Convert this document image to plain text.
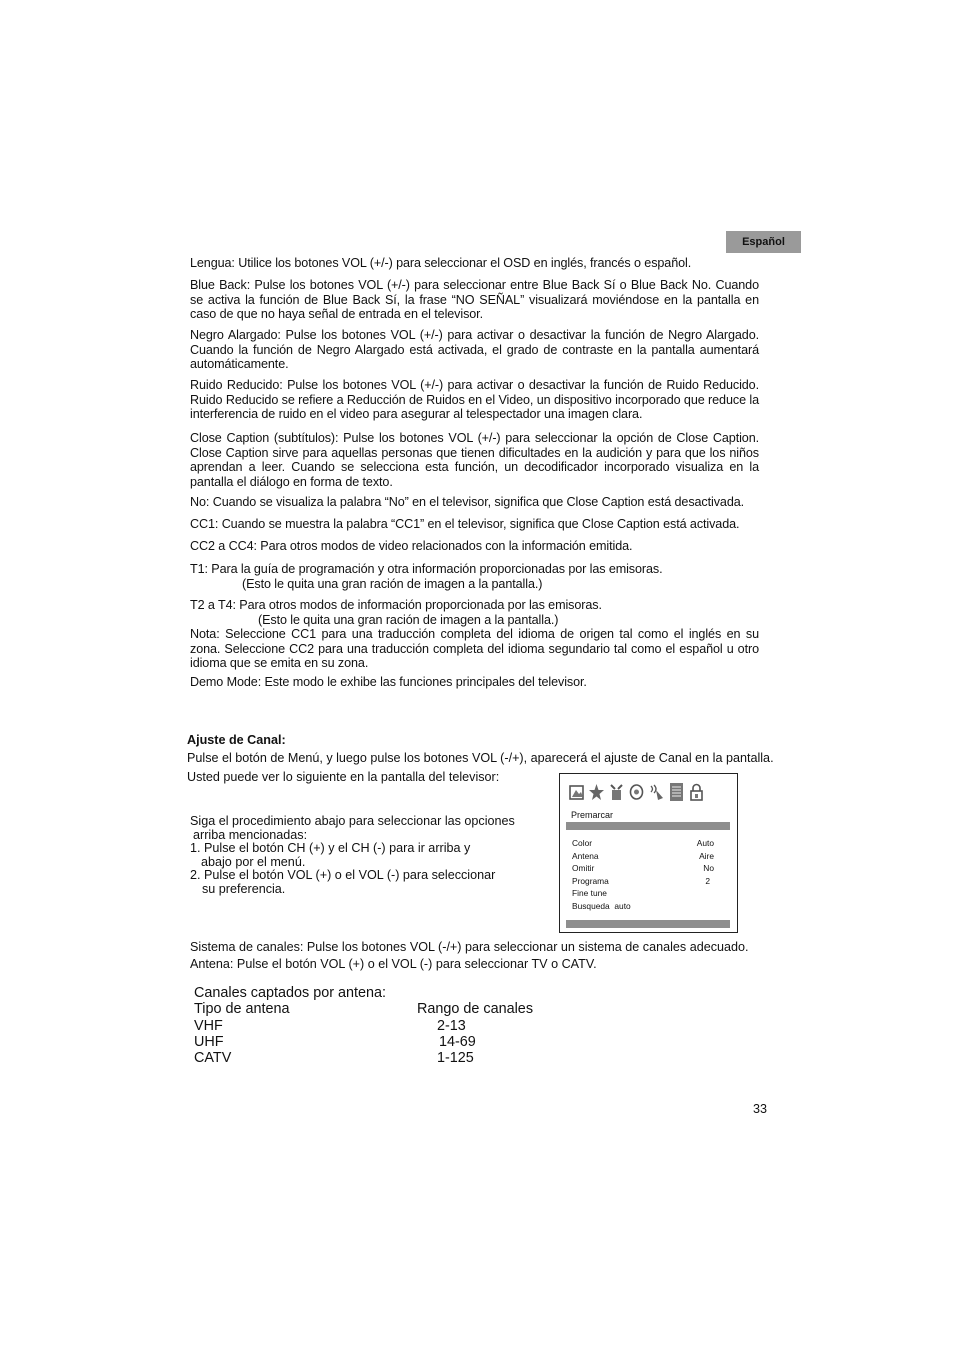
Español
Lengua: Utilice los botones VOL (+/-) para seleccionar el OSD en inglés, francés o español.
Blue Back: Pulse los botones VOL (+/-) para seleccionar entre Blue Back Sí o Blue Back No. Cuando se activa la función de Blue Back Sí, la frase “NO SEÑAL” visualizará moviéndose en la pantalla en caso de que no haya señal de entrada en el televisor.
Negro Alargado: Pulse los botones VOL (+/-) para activar o desactivar la función de Negro Alargado. Cuando la función de Negro Alargado está activada, el grado de contraste en la pantalla aumentará automáticamente.
Ruido Reducido: Pulse los botones VOL (+/-) para activar o desactivar la función de Ruido Reducido. Ruido Reducido se refiere a Reducción de Ruidos en el Video, un dispositivo incorporado que reduce la interferencia de ruido en el video para asegurar al telespectador una imagen clara.
Close Caption (subtítulos): Pulse los botones VOL (+/-) para seleccionar la opción de Close Caption. Close Caption sirve para aquellas personas que tienen dificultades en la audición y para que los niños aprendan a leer. Cuando se selecciona esta función, un decodificador incorporado visualiza en la pantalla el diálogo en forma de texto.
No: Cuando se visualiza la palabra “No” en el televisor, significa que Close Caption está desactivada.
CC1: Cuando se muestra la palabra “CC1” en el televisor, significa que Close Caption está activada.
CC2 a CC4: Para otros modos de video relacionados con la información emitida.

T1: Para la guía de programación y otra información proporcionadas por las emisoras.

(Esto le quita una gran ración de imagen a la pantalla.)

T2 a T4: Para otros modos de información proporcionada por las emisoras.

(Esto le quita una gran ración de imagen a la pantalla.)

Nota: Seleccione CC1 para una traducción completa del idioma de origen tal como el inglés en su zona. Seleccione CC2 para una traducción completa del idioma segundario tal como el español u otro idioma que se emita en su zona.
Demo Mode: Este modo le exhibe las funciones principales del televisor.
Ajuste de Canal:
Pulse el botón de Menú, y luego pulse los botones VOL (-/+), aparecerá el ajuste de Canal en la pantalla.
Usted puede ver lo siguiente en la pantalla del televisor:

Siga el procedimiento abajo para seleccionar las opciones

arriba mencionadas:

1. Pulse el botón CH (+) y el CH (-) para ir arriba y

abajo por el menú.

2. Pulse el botón VOL (+) o el VOL (-) para seleccionar

su preferencia.

Premarcar
Color	Auto
Antena	Aire
Omitir	No
Programa	2
Fine tune
Busqueda  auto
Sistema de canales: Pulse los botones VOL (-/+) para seleccionar un sistema de canales adecuado.
Antena: Pulse el botón VOL (+) o el VOL (-) para seleccionar TV o CATV.
Canales captados por antena:
Tipo de antena	Rango de canales
VHF	2-13
UHF	14-69
CATV	1-125
33
